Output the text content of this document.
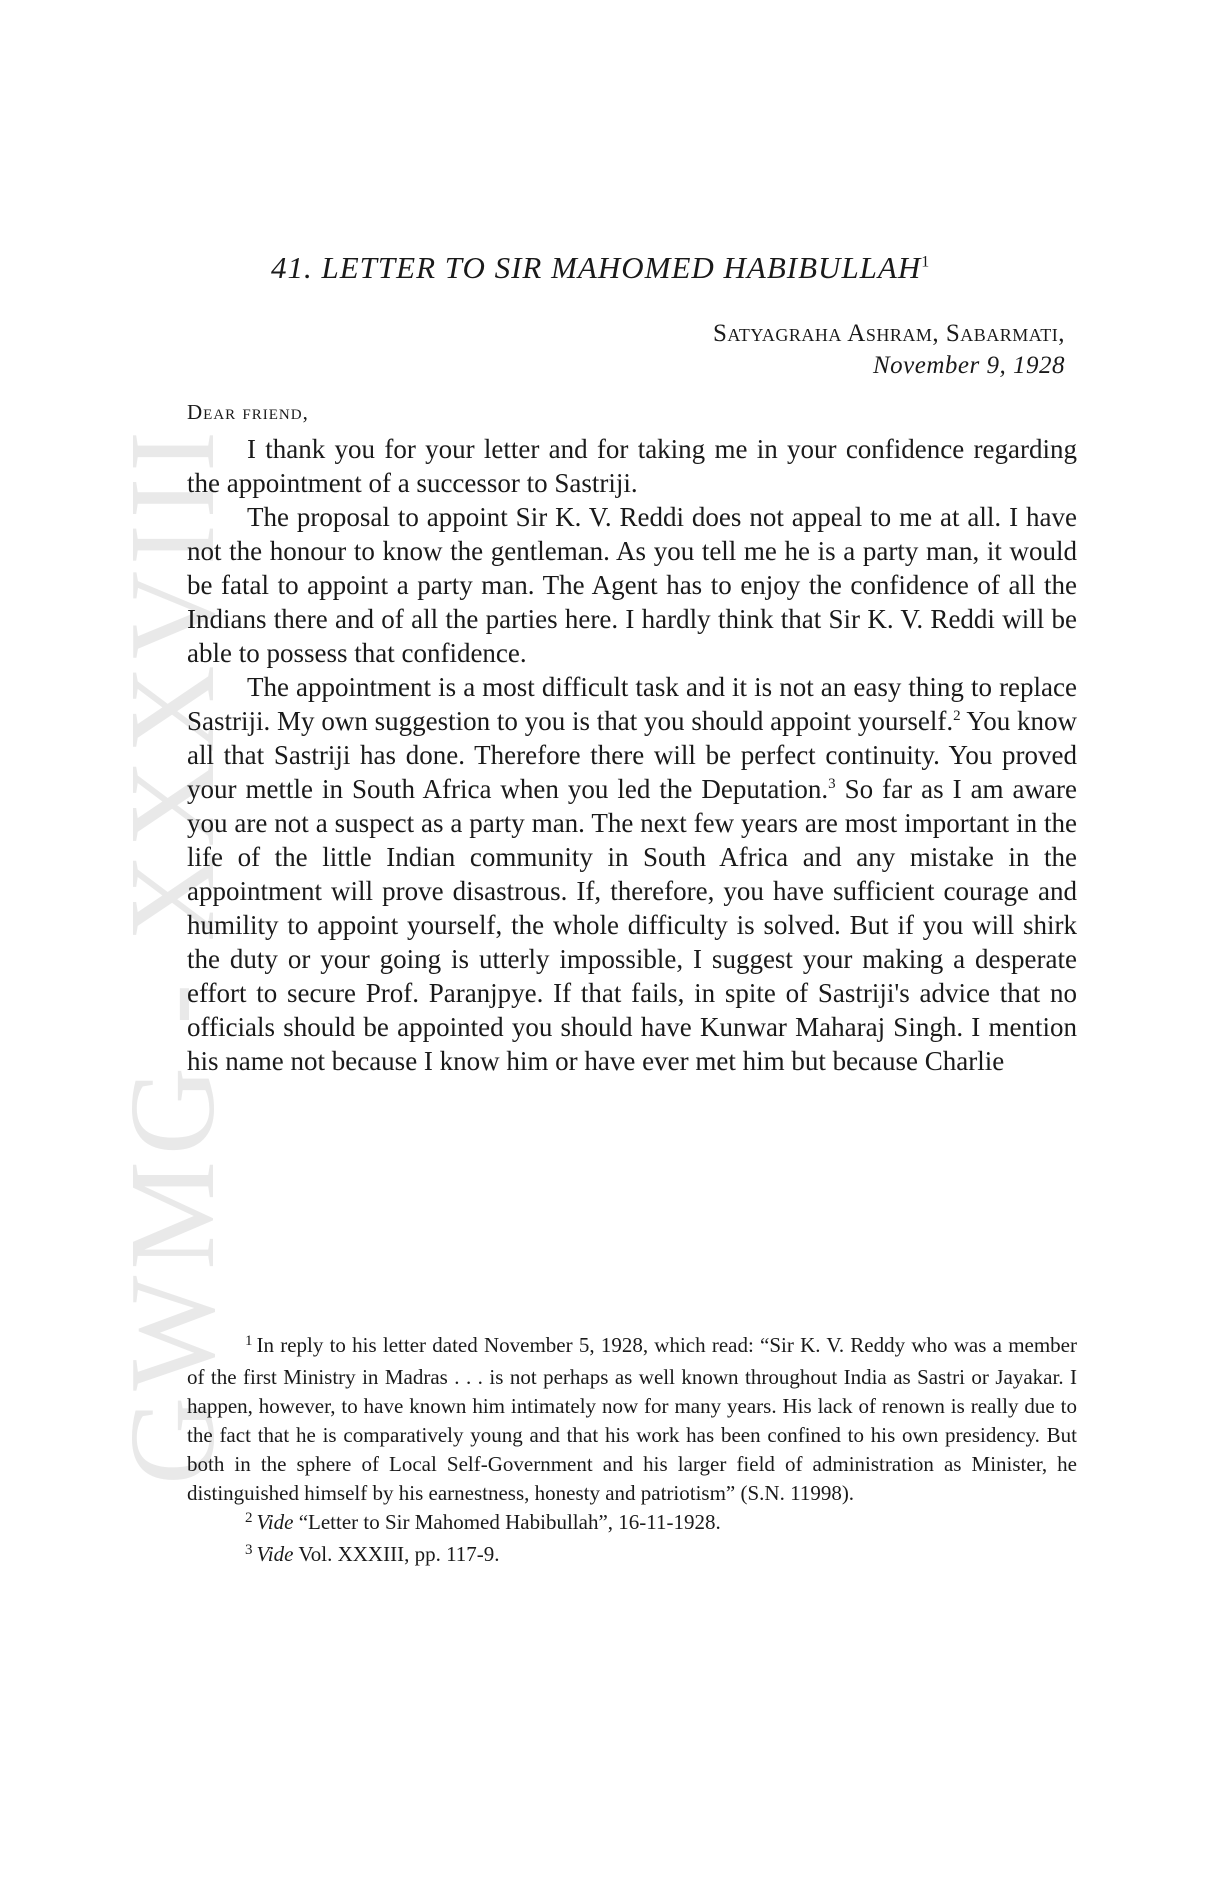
GWMG - XXXVIII
41. LETTER TO SIR MAHOMED HABIBULLAH$^1$
Satyagraha Ashram, Sabarmati,
November 9, 1928
Dear friend,

I thank you for your letter and for taking me in your confidence regarding the appointment of a successor to Sastriji.

The proposal to appoint Sir K. V. Reddi does not appeal to me at all. I have not the honour to know the gentleman. As you tell me he is a party man, it would be fatal to appoint a party man. The Agent has to enjoy the confidence of all the Indians there and of all the parties here. I hardly think that Sir K. V. Reddi will be able to possess that confidence.

The appointment is a most difficult task and it is not an easy thing to replace Sastriji. My own suggestion to you is that you should appoint yourself.$^2$ You know all that Sastriji has done. Therefore there will be perfect continuity. You proved your mettle in South Africa when you led the Deputation.$^3$ So far as I am aware you are not a suspect as a party man. The next few years are most important in the life of the little Indian community in South Africa and any mistake in the appointment will prove disastrous. If, therefore, you have sufficient courage and humility to appoint yourself, the whole difficulty is solved. But if you will shirk the duty or your going is utterly impossible, I suggest your making a desperate effort to secure Prof. Paranjpye. If that fails, in spite of Sastriji's advice that no officials should be appointed you should have Kunwar Maharaj Singh. I mention his name not because I know him or have ever met him but because Charlie

$^1$ In reply to his letter dated November 5, 1928, which read: “Sir K. V. Reddy who was a member of the first Ministry in Madras . . . is not perhaps as well known throughout India as Sastri or Jayakar. I happen, however, to have known him intimately now for many years. His lack of renown is really due to the fact that he is comparatively young and that his work has been confined to his own presidency. But both in the sphere of Local Self-Government and his larger field of administration as Minister, he distinguished himself by his earnestness, honesty and patriotism” (S.N. 11998).

$^2$ Vide “Letter to Sir Mahomed Habibullah”, 16-11-1928.

$^3$ Vide Vol. XXXIII, pp. 117-9.
